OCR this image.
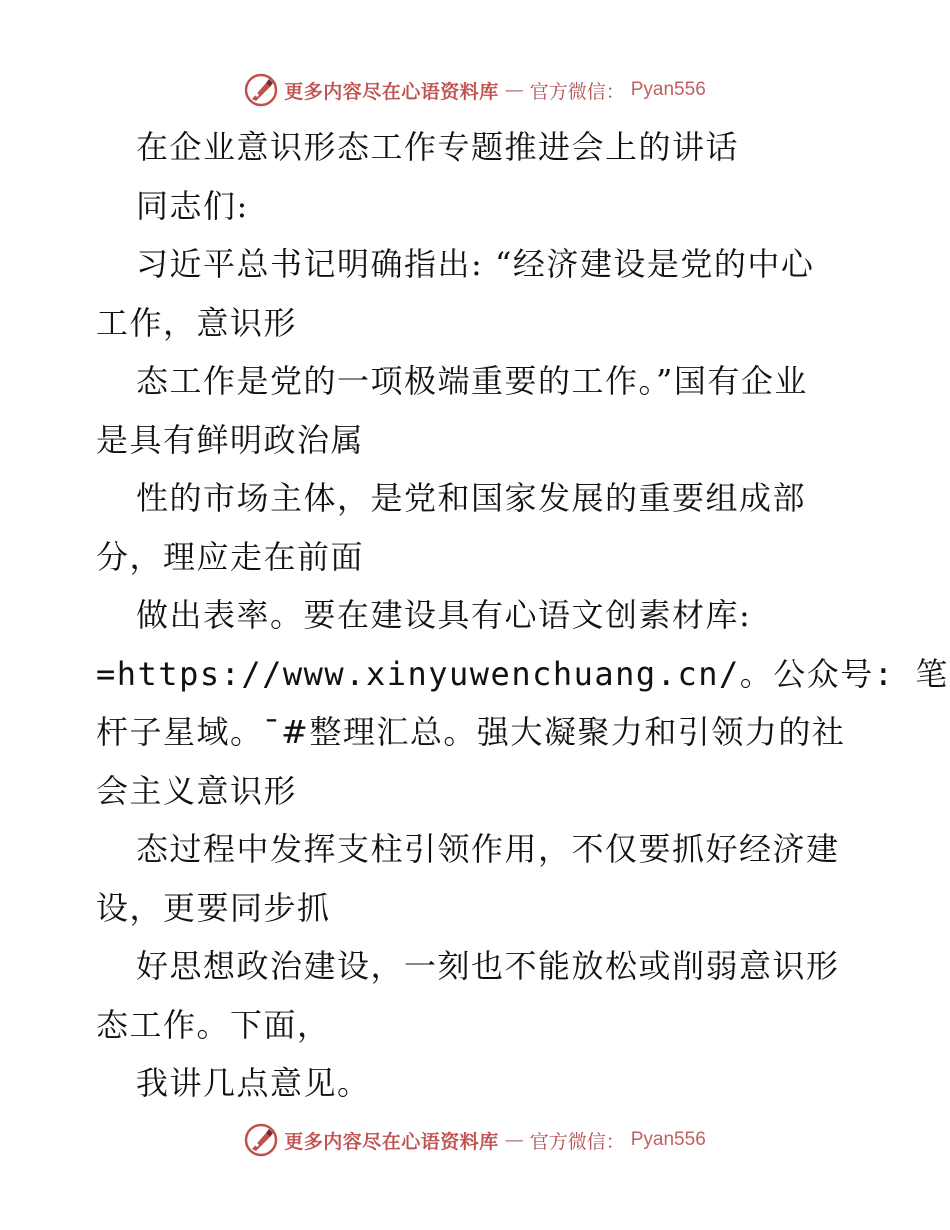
更多内容尽在心语资料库 — 官方微信： Pyan556
在企业意识形态工作专题推进会上的讲话
同志们:
习近平总书记明确指出: “经济建设是党的中心
工作，意识形
态工作是党的一项极端重要的工作。”国有企业
是具有鲜明政治属
性的市场主体，是党和国家发展的重要组成部
分，理应走在前面
做出表率。要在建设具有心语文创素材库:
=https://www.xinyuwenchuang.cn/。公众号: 笔
杆子星域。¯#整理汇总。强大凝聚力和引领力的社
会主义意识形
态过程中发挥支柱引领作用，不仅要抓好经济建
设，更要同步抓
好思想政治建设，一刻也不能放松或削弱意识形
态工作。下面，
我讲几点意见。
更多内容尽在心语资料库 — 官方微信： Pyan556
